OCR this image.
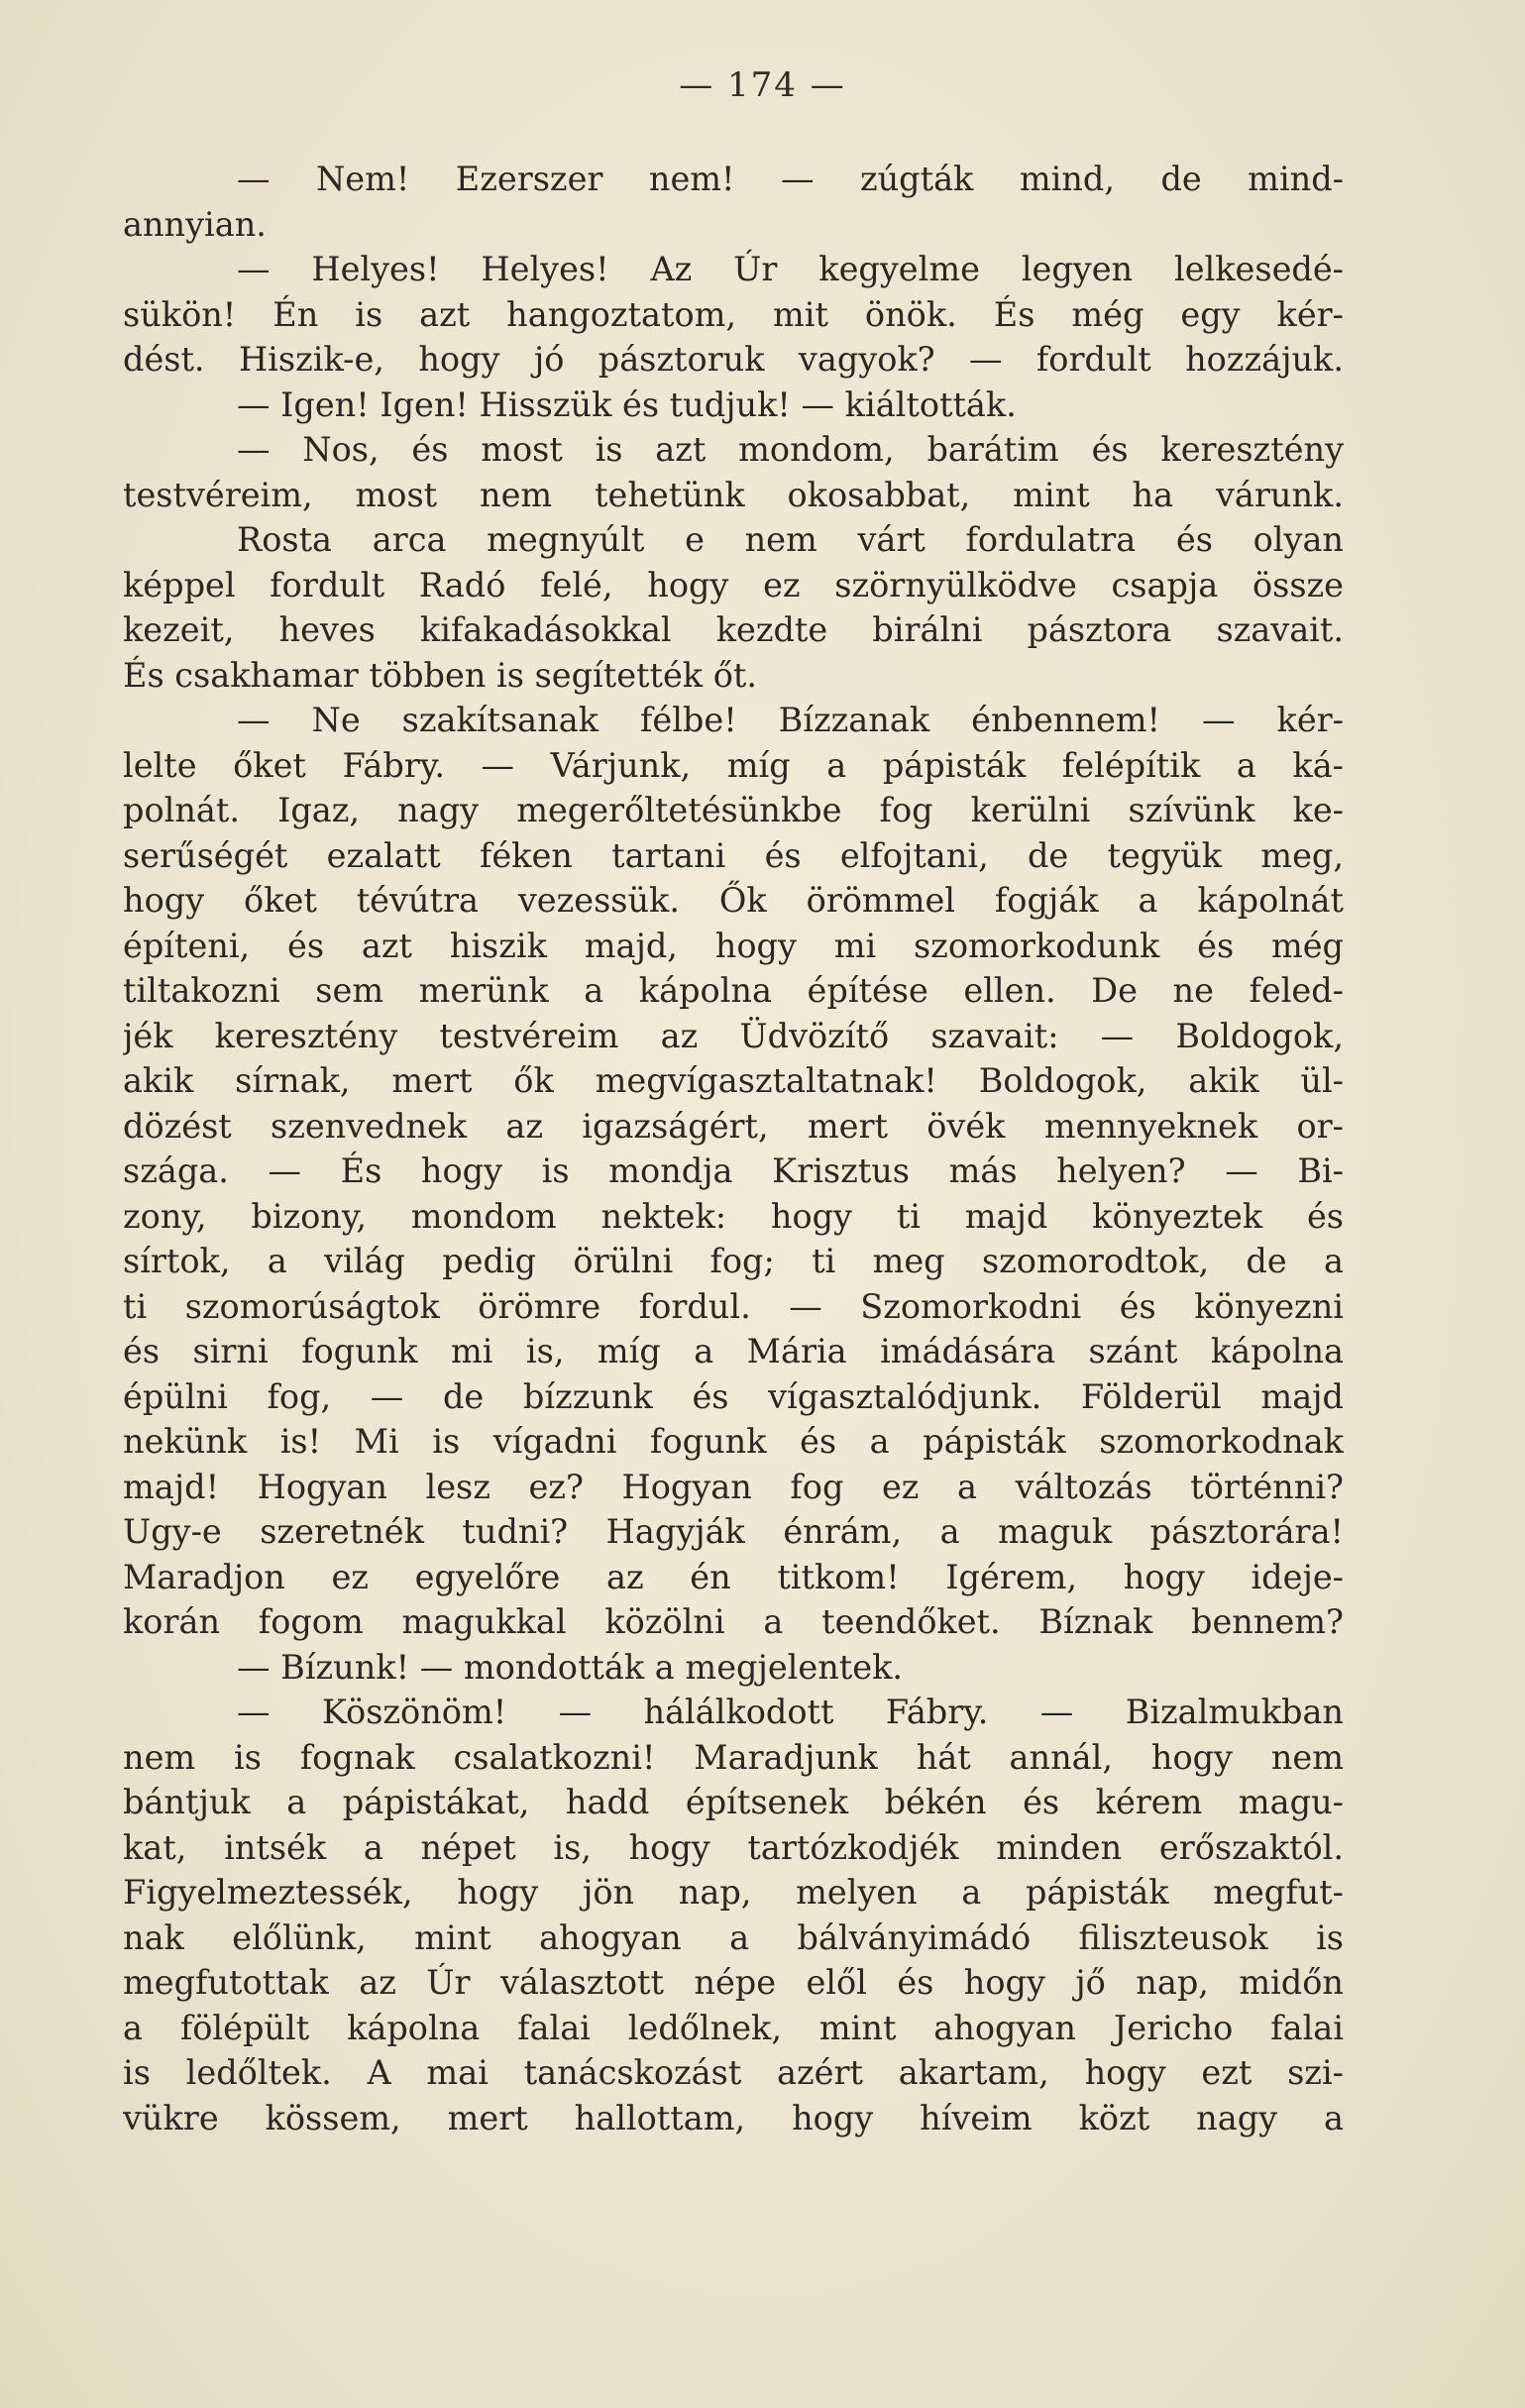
— 174 —
— Nem! Ezerszer nem! — zúgták mind, de mind-
annyian.
— Helyes! Helyes! Az Úr kegyelme legyen lelkesedé-
sükön! Én is azt hangoztatom, mit önök. És még egy kér-
dést. Hiszik-e, hogy jó pásztoruk vagyok? — fordult hozzájuk.
— Igen! Igen! Hisszük és tudjuk! — kiáltották.
— Nos, és most is azt mondom, barátim és keresztény
testvéreim, most nem tehetünk okosabbat, mint ha várunk.
Rosta arca megnyúlt e nem várt fordulatra és olyan
képpel fordult Radó felé, hogy ez szörnyülködve csapja össze
kezeit, heves kifakadásokkal kezdte birálni pásztora szavait.
És csakhamar többen is segítették őt.
— Ne szakítsanak félbe! Bízzanak énbennem! — kér-
lelte őket Fábry. — Várjunk, míg a pápisták felépítik a ká-
polnát. Igaz, nagy megerőltetésünkbe fog kerülni szívünk ke-
serűségét ezalatt féken tartani és elfojtani, de tegyük meg,
hogy őket tévútra vezessük. Ők örömmel fogják a kápolnát
építeni, és azt hiszik majd, hogy mi szomorkodunk és még
tiltakozni sem merünk a kápolna építése ellen. De ne feled-
jék keresztény testvéreim az Üdvözítő szavait: — Boldogok,
akik sírnak, mert ők megvígasztaltatnak! Boldogok, akik ül-
dözést szenvednek az igazságért, mert övék mennyeknek or-
szága. — És hogy is mondja Krisztus más helyen? — Bi-
zony, bizony, mondom nektek: hogy ti majd könyeztek és
sírtok, a világ pedig örülni fog; ti meg szomorodtok, de a
ti szomorúságtok örömre fordul. — Szomorkodni és könyezni
és sirni fogunk mi is, míg a Mária imádására szánt kápolna
épülni fog, — de bízzunk és vígasztalódjunk. Földerül majd
nekünk is! Mi is vígadni fogunk és a pápisták szomorkodnak
majd! Hogyan lesz ez? Hogyan fog ez a változás történni?
Ugy-e szeretnék tudni? Hagyják énrám, a maguk pásztorára!
Maradjon ez egyelőre az én titkom! Igérem, hogy ideje-
korán fogom magukkal közölni a teendőket. Bíznak bennem?
— Bízunk! — mondották a megjelentek.
— Köszönöm! — hálálkodott Fábry. — Bizalmukban
nem is fognak csalatkozni! Maradjunk hát annál, hogy nem
bántjuk a pápistákat, hadd építsenek békén és kérem magu-
kat, intsék a népet is, hogy tartózkodjék minden erőszaktól.
Figyelmeztessék, hogy jön nap, melyen a pápisták megfut-
nak előlünk, mint ahogyan a bálványimádó filiszteusok is
megfutottak az Úr választott népe elől és hogy jő nap, midőn
a fölépült kápolna falai ledőlnek, mint ahogyan Jericho falai
is ledőltek. A mai tanácskozást azért akartam, hogy ezt szi-
vükre kössem, mert hallottam, hogy híveim közt nagy a
